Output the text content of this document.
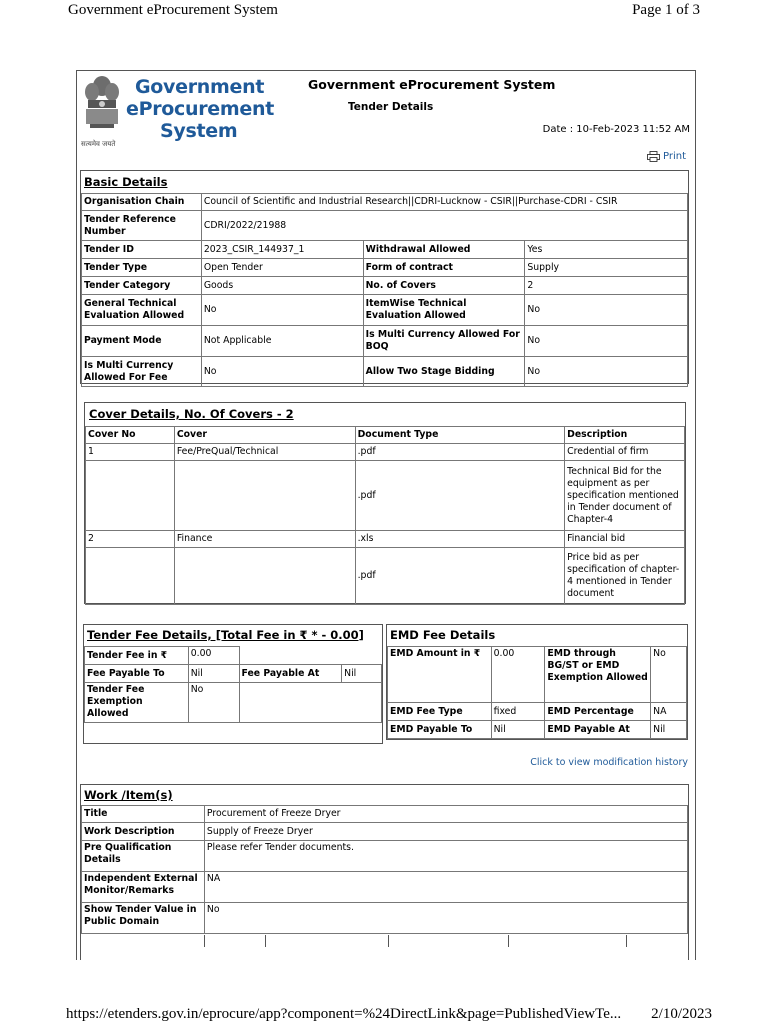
Government eProcurement System	Page 1 of 3
https://etenders.gov.in/eprocure/app?component=%24DirectLink&page=PublishedViewTe... 2/10/2023
सत्यमेव जयते
Government
eProcurement
System
Government eProcurement System
Tender Details
Date : 10-Feb-2023 11:52 AM
Print
Basic Details
Organisation Chain	Council of Scientific and Industrial Research||CDRI-Lucknow - CSIR||Purchase-CDRI - CSIR		
Tender Reference Number	CDRI/2022/21988		
Tender ID	2023_CSIR_144937_1	Withdrawal Allowed	Yes
Tender Type	Open Tender	Form of contract	Supply
Tender Category	Goods	No. of Covers	2
General Technical Evaluation Allowed	No	ItemWise Technical Evaluation Allowed	No
Payment Mode	Not Applicable	Is Multi Currency Allowed For BOQ	No
Is Multi Currency Allowed For Fee	No	Allow Two Stage Bidding	No
Cover Details, No. Of Covers - 2
Cover No	Cover	Document Type	Description
1	Fee/PreQual/Technical	.pdf	Credential of firm
		.pdf	Technical Bid for the equipment as per specification mentioned in Tender document of Chapter-4
2	Finance	.xls	Financial bid
		.pdf	Price bid as per specification of chapter-4 mentioned in Tender document
Tender Fee Details, [Total Fee in ₹ * - 0.00]
Tender Fee in ₹	0.00		
Fee Payable To	Nil	Fee Payable At	Nil
Tender Fee Exemption Allowed	No		
EMD Fee Details
EMD Amount in ₹	0.00	EMD through BG/ST or EMD Exemption Allowed	No
EMD Fee Type	fixed	EMD Percentage	NA
EMD Payable To	Nil	EMD Payable At	Nil
Click to view modification history
Work /Item(s)
Title	Procurement of Freeze Dryer
Work Description	Supply of Freeze Dryer
Pre Qualification Details	Please refer Tender documents.
Independent External Monitor/Remarks	NA
Show Tender Value in Public Domain	No
